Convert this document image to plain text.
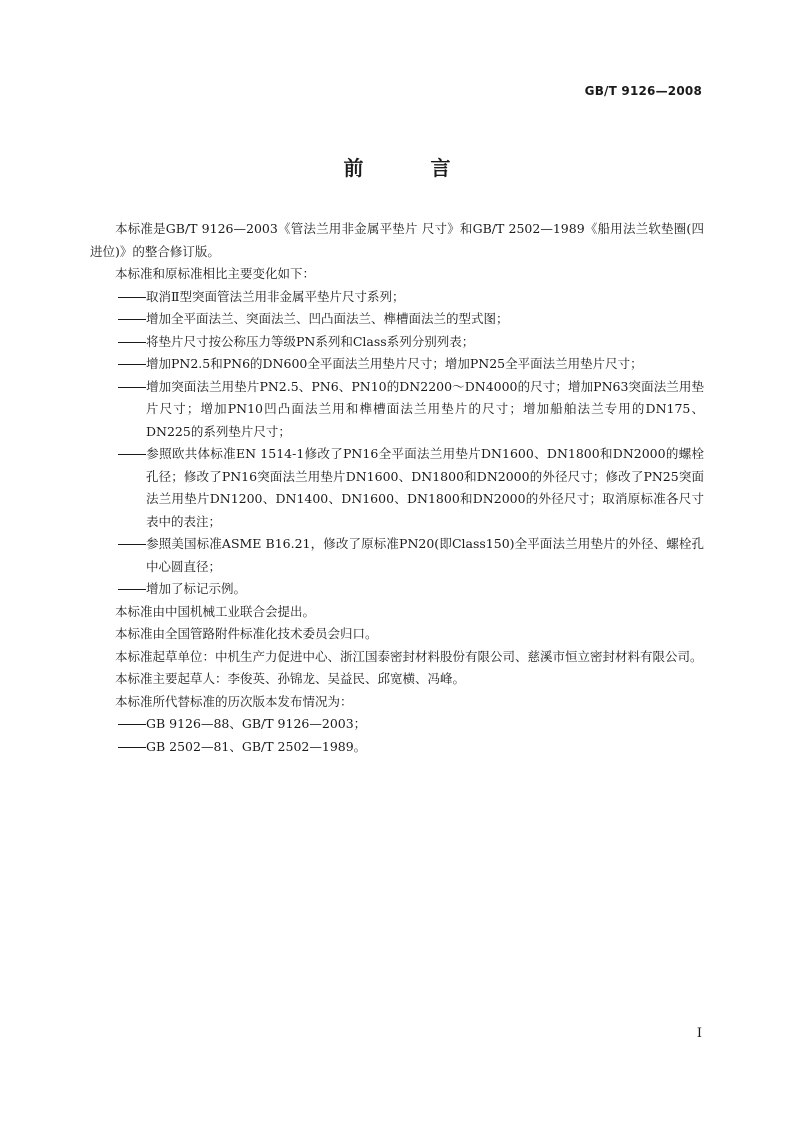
GB/T 9126—2008
前 言

本标准是GB/T 9126—2003《管法兰用非金属平垫片 尺寸》和GB/T 2502—1989《船用法兰软垫圈(四进位)》的整合修订版。

本标准和原标准相比主要变化如下：

取消Ⅱ型突面管法兰用非金属平垫片尺寸系列；

增加全平面法兰、突面法兰、凹凸面法兰、榫槽面法兰的型式图；

将垫片尺寸按公称压力等级PN系列和Class系列分别列表；

增加PN2.5和PN6的DN600全平面法兰用垫片尺寸；增加PN25全平面法兰用垫片尺寸；

增加突面法兰用垫片PN2.5、PN6、PN10的DN2200～DN4000的尺寸；增加PN63突面法兰用垫片尺寸；增加PN10凹凸面法兰用和榫槽面法兰用垫片的尺寸；增加船舶法兰专用的DN175、DN225的系列垫片尺寸；

参照欧共体标准EN 1514-1修改了PN16全平面法兰用垫片DN1600、DN1800和DN2000的螺栓孔径；修改了PN16突面法兰用垫片DN1600、DN1800和DN2000的外径尺寸；修改了PN25突面法兰用垫片DN1200、DN1400、DN1600、DN1800和DN2000的外径尺寸；取消原标准各尺寸表中的表注；

参照美国标准ASME B16.21，修改了原标准PN20(即Class150)全平面法兰用垫片的外径、螺栓孔中心圆直径；

增加了标记示例。

本标准由中国机械工业联合会提出。

本标准由全国管路附件标准化技术委员会归口。

本标准起草单位：中机生产力促进中心、浙江国泰密封材料股份有限公司、慈溪市恒立密封材料有限公司。

本标准主要起草人：李俊英、孙锦龙、吴益民、邱宽横、冯峰。

本标准所代替标准的历次版本发布情况为：

GB 9126—88、GB/T 9126—2003；

GB 2502—81、GB/T 2502—1989。

I
